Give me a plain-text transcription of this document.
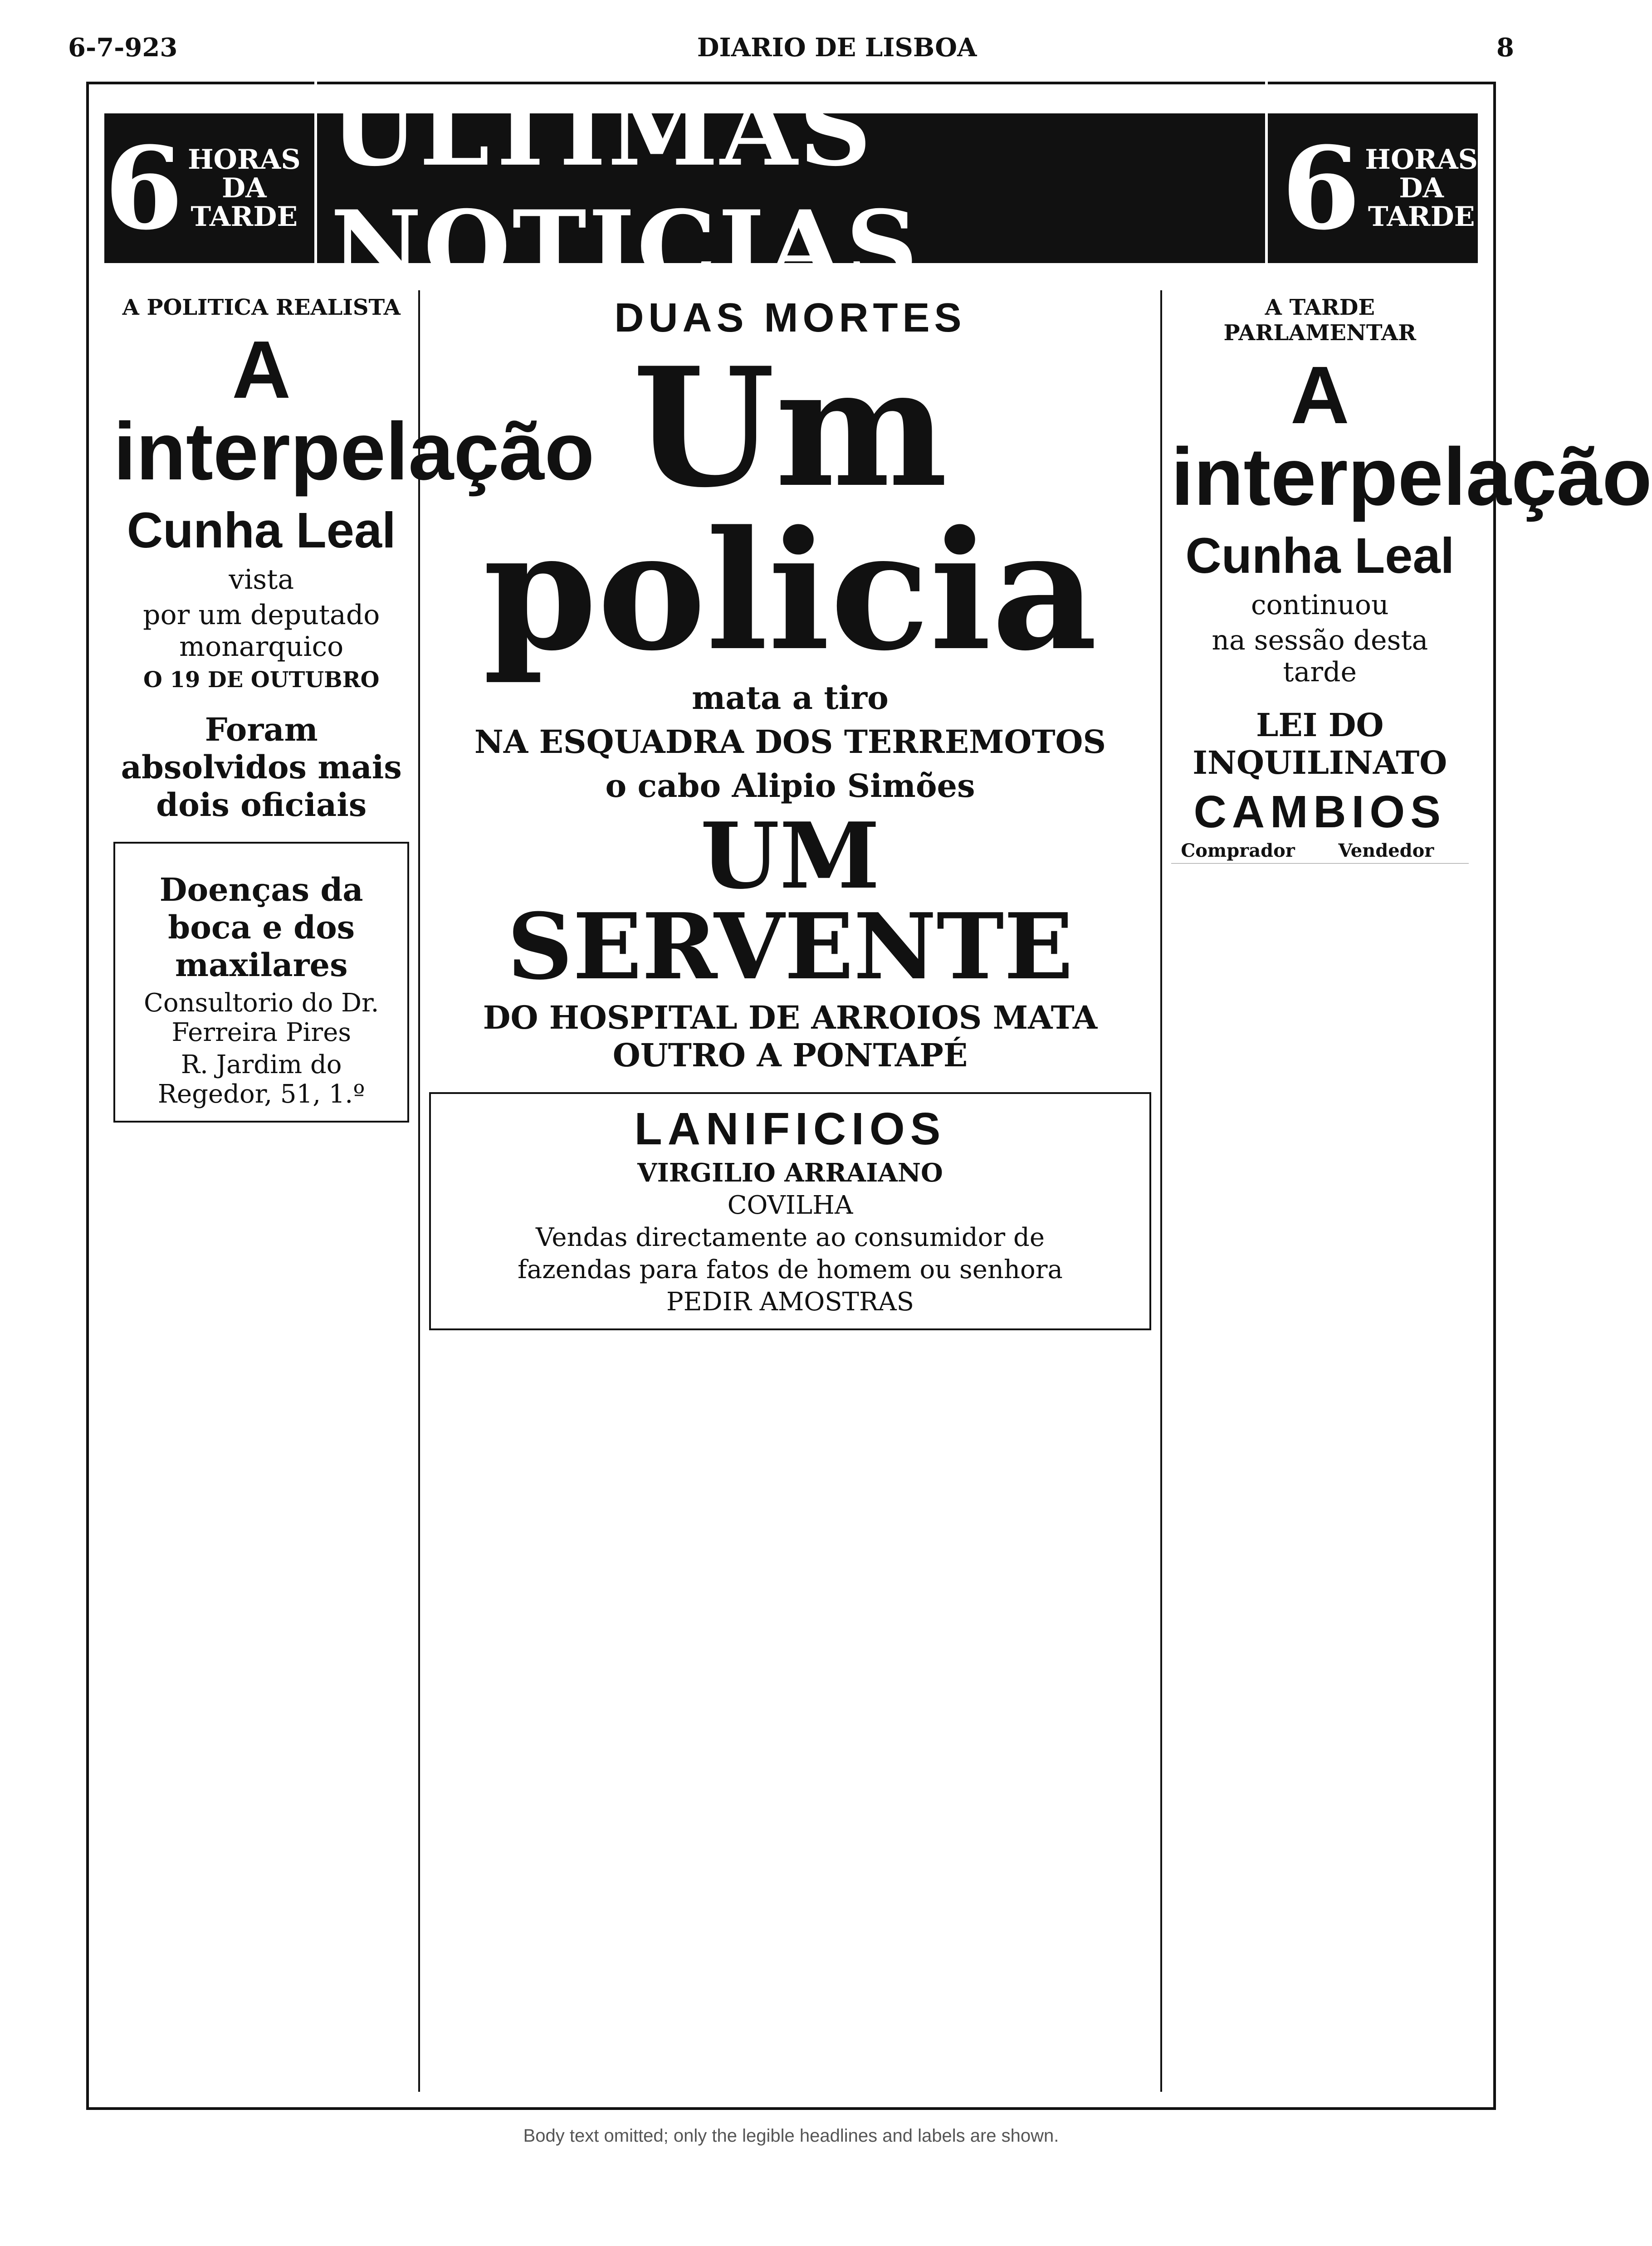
6-7-923	DIARIO DE LISBOA	8
6 HORAS
DA
TARDE
ULTIMAS NOTICIAS	6 HORAS
DA
TARDE
A POLITICA REALISTA
A interpelação
Cunha Leal
vista
por um deputado monarquico
O 19 DE OUTUBRO
Foram absolvidos mais dois oficiais
Doenças da boca e dos maxilares
Consultorio do Dr. Ferreira Pires
R. Jardim do Regedor, 51, 1.º
DUAS MORTES
Um policia
mata a tiro
NA ESQUADRA DOS TERREMOTOS
o cabo Alipio Simões
UM SERVENTE
DO HOSPITAL DE ARROIOS MATA OUTRO A PONTAPÉ
LANIFICIOS
VIRGILIO ARRAIANO
COVILHA
Vendas directamente ao consumidor de
fazendas para fatos de homem ou senhora
PEDIR AMOSTRAS
A TARDE PARLAMENTAR
A interpelação
Cunha Leal
continuou
na sessão desta tarde
LEI DO INQUILINATO
CAMBIOS
	Comprador	Vendedor
Body text omitted; only the legible headlines and labels are shown.
